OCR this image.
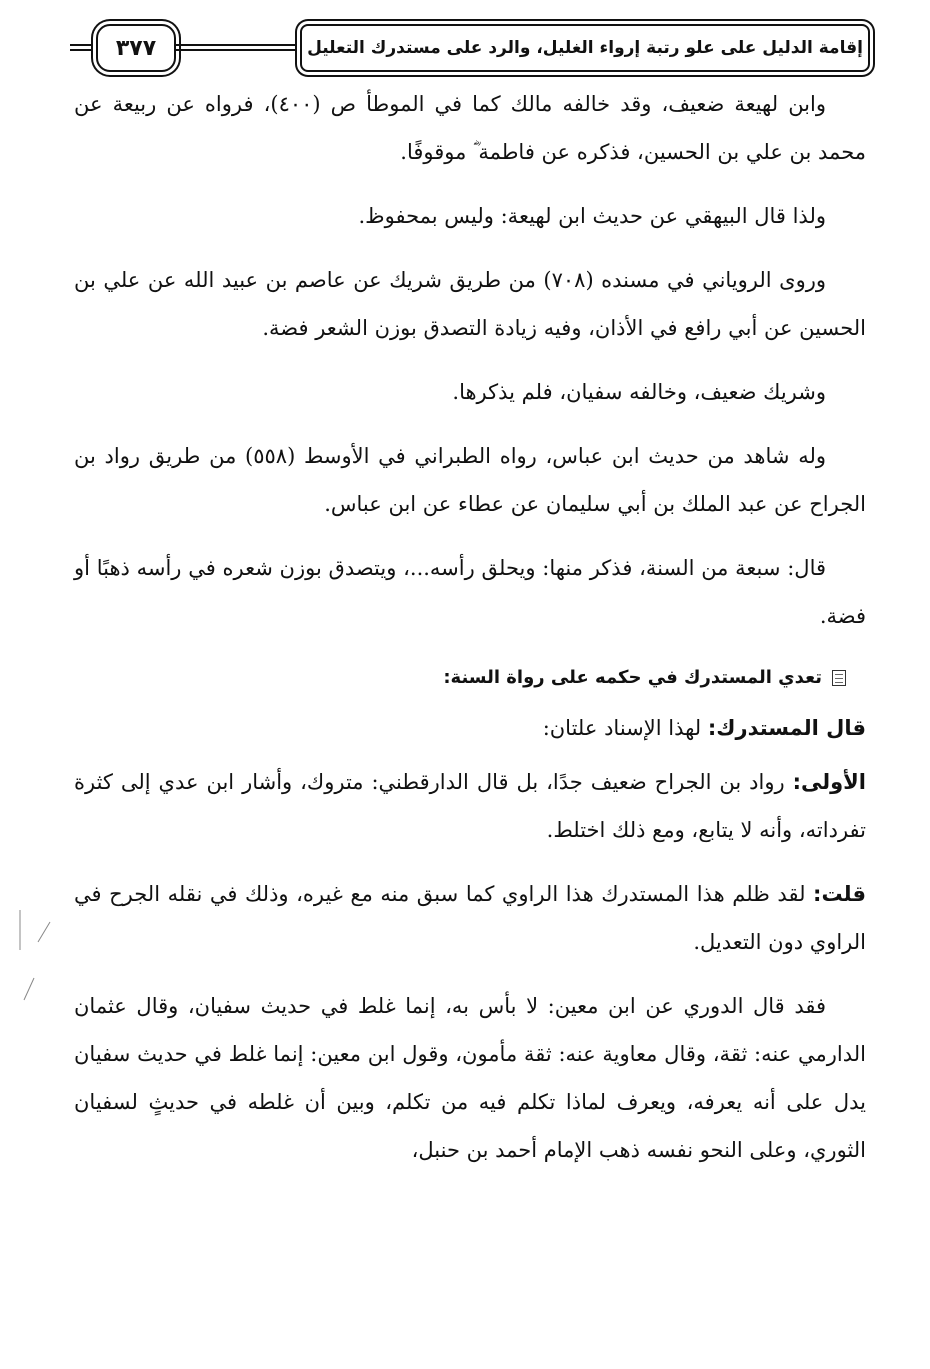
٣٧٧	إقامة الدليل على علو رتبة إرواء الغليل، والرد على مستدرك التعليل

وابن لهيعة ضعيف، وقد خالفه مالك كما في الموطأ ص (٤٠٠)، فرواه عن ربيعة عن محمد بن علي بن الحسين، فذكره عن فاطمة ؓ موقوفًا.

ولذا قال البيهقي عن حديث ابن لهيعة: وليس بمحفوظ.

وروى الروياني في مسنده (٧٠٨) من طريق شريك عن عاصم بن عبيد الله عن علي بن الحسين عن أبي رافع في الأذان، وفيه زيادة التصدق بوزن الشعر فضة.

وشريك ضعيف، وخالفه سفيان، فلم يذكرها.

وله شاهد من حديث ابن عباس، رواه الطبراني في الأوسط (٥٥٨) من طريق رواد بن الجراح عن عبد الملك بن أبي سليمان عن عطاء عن ابن عباس.

قال: سبعة من السنة، فذكر منها: ويحلق رأسه...، ويتصدق بوزن شعره في رأسه ذهبًا أو فضة.

تعدي المستدرك في حكمه على رواة السنة:

قال المستدرك: لهذا الإسناد علتان:

الأولى: رواد بن الجراح ضعيف جدًا، بل قال الدارقطني: متروك، وأشار ابن عدي إلى كثرة تفرداته، وأنه لا يتابع، ومع ذلك اختلط.

قلت: لقد ظلم هذا المستدرك هذا الراوي كما سبق منه مع غيره، وذلك في نقله الجرح في الراوي دون التعديل.

فقد قال الدوري عن ابن معين: لا بأس به، إنما غلط في حديث سفيان، وقال عثمان الدارمي عنه: ثقة، وقال معاوية عنه: ثقة مأمون، وقول ابن معين: إنما غلط في حديث سفيان يدل على أنه يعرفه، ويعرف لماذا تكلم فيه من تكلم، وبين أن غلطه في حديثٍ لسفيان الثوري، وعلى النحو نفسه ذهب الإمام أحمد بن حنبل،
